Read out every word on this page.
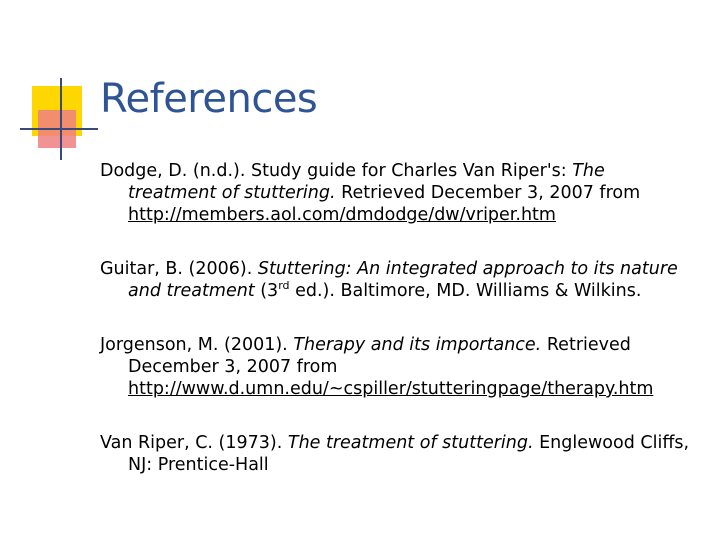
References
Dodge, D. (n.d.). Study guide for Charles Van Riper's: The
treatment of stuttering. Retrieved December 3, 2007 from
http://members.aol.com/dmdodge/dw/vriper.htm
Guitar, B. (2006). Stuttering: An integrated approach to its nature
and treatment (3rd ed.). Baltimore, MD. Williams & Wilkins.
Jorgenson, M. (2001). Therapy and its importance. Retrieved
December 3, 2007 from
http://www.d.umn.edu/~cspiller/stutteringpage/therapy.htm
Van Riper, C. (1973). The treatment of stuttering. Englewood Cliffs,
NJ: Prentice-Hall
